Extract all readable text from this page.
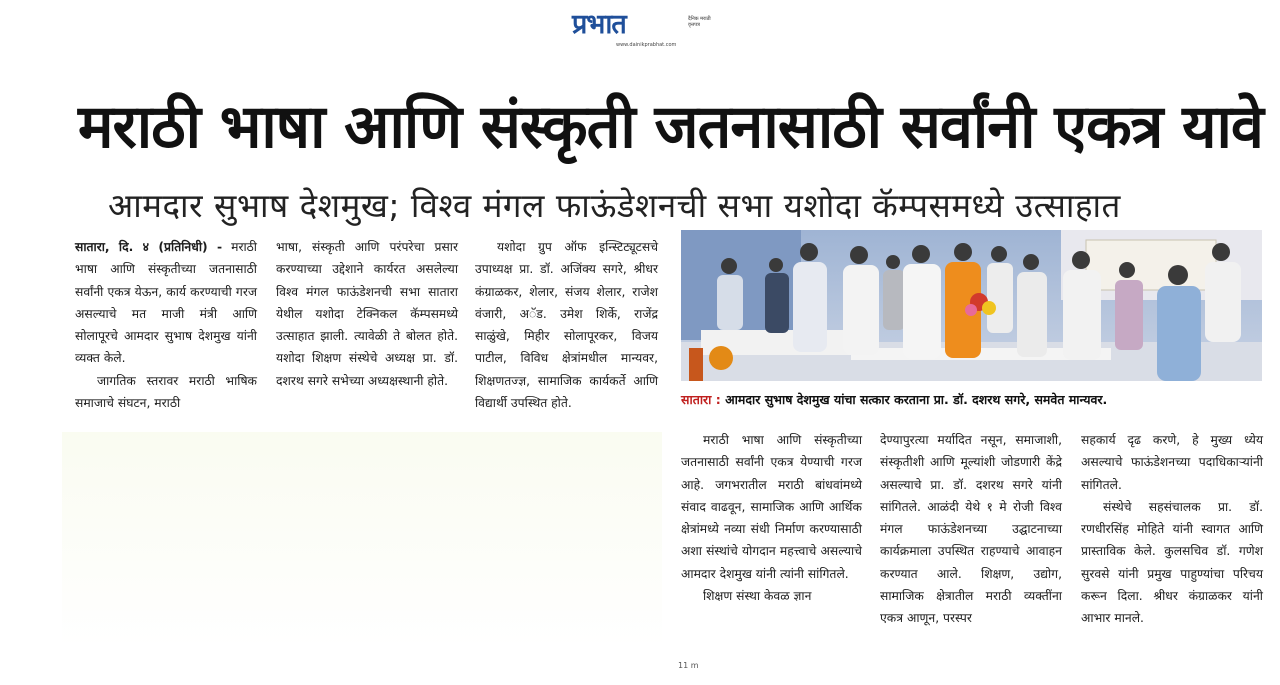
प्रभात	दैनिक मराठी वृत्तपत्र
www.dainikprabhat.com
मराठी भाषा आणि संस्कृती जतनासाठी सर्वांनी एकत्र यावे
आमदार सुभाष देशमुख; विश्व मंगल फाऊंडेशनची सभा यशोदा कॅम्पसमध्ये उत्साहात

सातारा, दि. ४ (प्रतिनिधी) - मराठी भाषा आणि संस्कृतीच्या जतनासाठी सर्वांनी एकत्र येऊन, कार्य करण्याची गरज असल्याचे मत माजी मंत्री आणि सोलापूरचे आमदार सुभाष देशमुख यांनी व्यक्त केले.

जागतिक स्तरावर मराठी भाषिक समाजाचे संघटन, मराठी

भाषा, संस्कृती आणि परंपरेचा प्रसार करण्याच्या उद्देशाने कार्यरत असलेल्या विश्व मंगल फाऊंडेशनची सभा सातारा येथील यशोदा टेक्निकल कॅम्पसमध्ये उत्साहात झाली. त्यावेळी ते बोलत होते. यशोदा शिक्षण संस्थेचे अध्यक्ष प्रा. डॉ. दशरथ सगरे सभेच्या अध्यक्षस्थानी होते.

यशोदा ग्रुप ऑफ इन्स्टिट्यूटसचे उपाध्यक्ष प्रा. डॉ. अजिंक्य सगरे, श्रीधर कंग्राळकर, शेलार, संजय शेलार, राजेश वंजारी, अॅड. उमेश शिर्के, राजेंद्र साळुंखे, मिहीर सोलापूरकर, विजय पाटील, विविध क्षेत्रांमधील मान्यवर, शिक्षणतज्ज्ञ, सामाजिक कार्यकर्ते आणि विद्यार्थी उपस्थित होते.	सातारा : आमदार सुभाष देशमुख यांचा सत्कार करताना प्रा. डॉ. दशरथ सगरे, समवेत मान्यवर.

मराठी भाषा आणि संस्कृतीच्या जतनासाठी सर्वांनी एकत्र येण्याची गरज आहे. जगभरातील मराठी बांधवांमध्ये संवाद वाढवून, सामाजिक आणि आर्थिक क्षेत्रांमध्ये नव्या संधी निर्माण करण्यासाठी अशा संस्थांचे योगदान महत्त्वाचे असल्याचे आमदार देशमुख यांनी त्यांनी सांगितले.

शिक्षण संस्था केवळ ज्ञान

देण्यापुरत्या मर्यादित नसून, समाजाशी, संस्कृतीशी आणि मूल्यांशी जोडणारी केंद्रे असल्याचे प्रा. डॉ. दशरथ सगरे यांनी सांगितले. आळंदी येथे १ मे रोजी विश्व मंगल फाऊंडेशनच्या उद्घाटनाच्या कार्यक्रमाला उपस्थित राहण्याचे आवाहन करण्यात आले. शिक्षण, उद्योग, सामाजिक क्षेत्रातील मराठी व्यक्तींना एकत्र आणून, परस्पर

सहकार्य दृढ करणे, हे मुख्य ध्येय असल्याचे फाऊंडेशनच्या पदाधिकाऱ्यांनी सांगितले.

संस्थेचे सहसंचालक प्रा. डॉ. रणधीरसिंह मोहिते यांनी स्वागत आणि प्रास्ताविक केले. कुलसचिव डॉ. गणेश सुरवसे यांनी प्रमुख पाहुण्यांचा परिचय करून दिला. श्रीधर कंग्राळकर यांनी आभार मानले.

11 m
